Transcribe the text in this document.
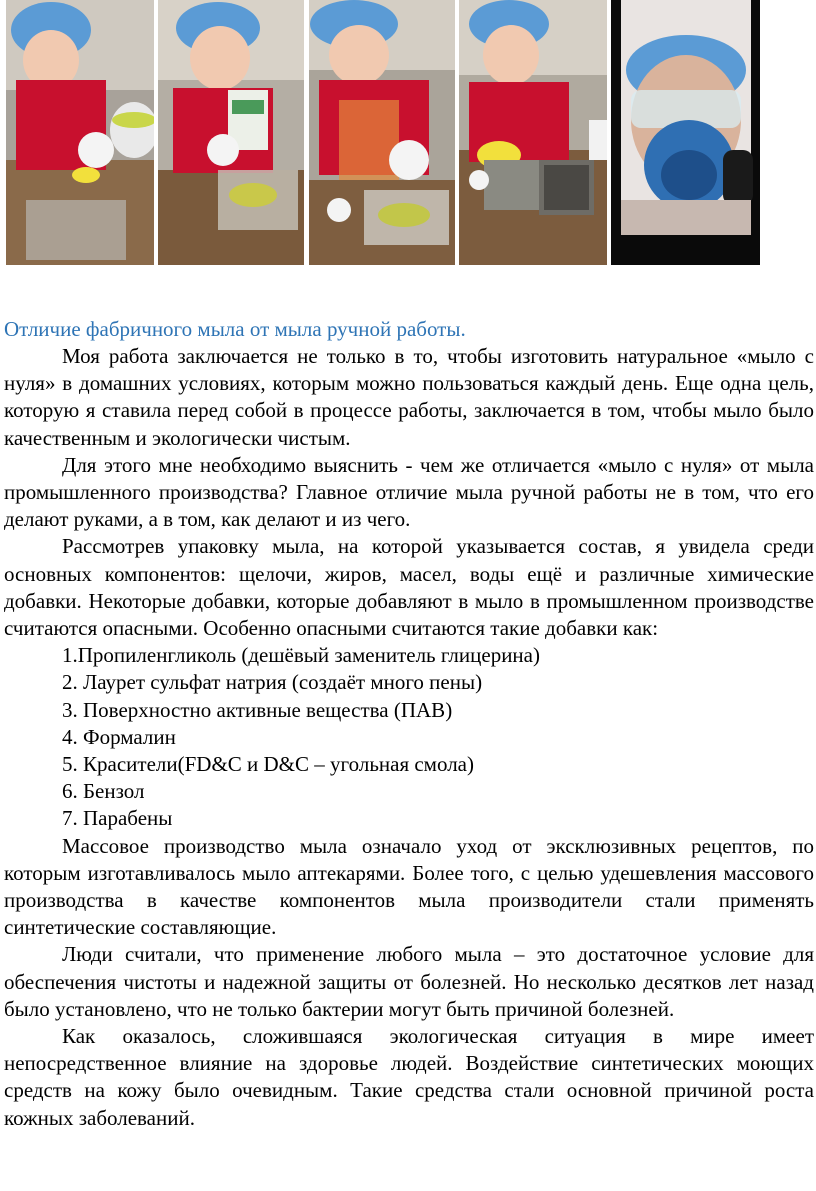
Отличие фабричного мыла от мыла ручной работы.

Моя работа заключается не только в то, чтобы изготовить натуральное «мыло с нуля» в домашних условиях, которым можно пользоваться каждый день. Еще одна цель, которую я ставила перед собой в процессе работы, заключается в том, чтобы мыло было качественным и экологически чистым.

Для этого мне необходимо выяснить - чем же отличается «мыло с нуля» от мыла промышленного производства? Главное отличие мыла ручной работы не в том, что его делают руками, а в том, как делают и из чего.

Рассмотрев упаковку мыла, на которой указывается состав, я увидела среди основных компонентов: щелочи, жиров, масел, воды ещё и различные химические добавки. Некоторые добавки, которые добавляют в мыло в промышленном производстве считаются опасными. Особенно опасными считаются такие добавки как:

1.Пропиленгликоль (дешёвый заменитель глицерина)

2. Лаурет сульфат натрия (создаёт много пены)

3. Поверхностно активные вещества (ПАВ)

4. Формалин

5. Красители(FD&C и D&C – угольная смола)

6. Бензол

7. Парабены

Массовое производство мыла означало уход от эксклюзивных рецептов, по которым изготавливалось мыло аптекарями. Более того, с целью удешевления массового производства в качестве компонентов мыла производители стали применять синтетические составляющие.

Люди считали, что применение любого мыла – это достаточное условие для обеспечения чистоты и надежной защиты от болезней. Но несколько десятков лет назад было установлено, что не только бактерии могут быть причиной болезней.

Как оказалось, сложившаяся экологическая ситуация в мире имеет непосредственное влияние на здоровье людей. Воздействие синтетических моющих средств на кожу было очевидным. Такие средства стали основной причиной роста кожных заболеваний.
